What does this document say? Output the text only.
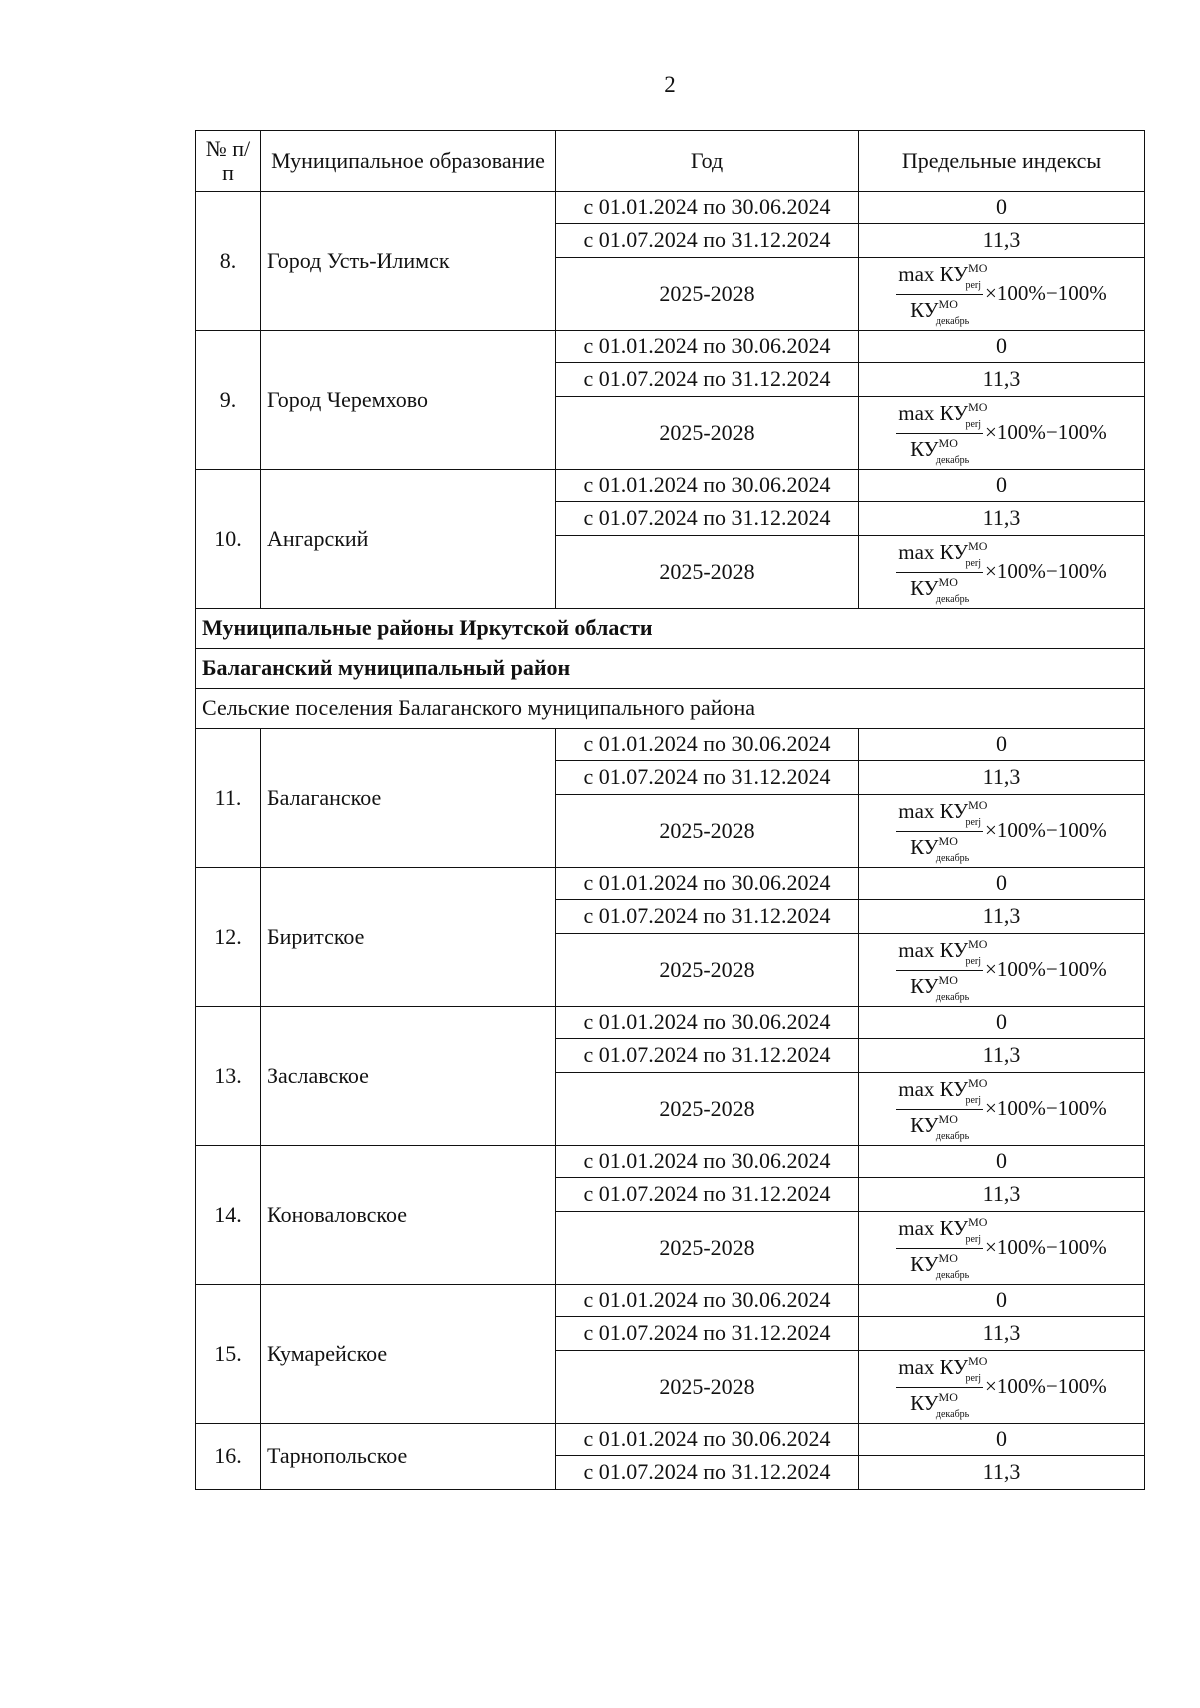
2
№ п/п	Муниципальное образование	Год	Предельные индексы
8.	Город Усть-Илимск	с 01.01.2024 по 30.06.2024	0
		с 01.07.2024 по 31.12.2024	11,3
		2025-2028	$\frac{\max КУ^{МО}_{perj}}{КУ^{МО}_{декабрь}} \times 100\%-100\%$

9.	Город Черемхово	с 01.01.2024 по 30.06.2024	0
		с 01.07.2024 по 31.12.2024	11,3
		2025-2028	$\frac{\max КУ^{МО}_{perj}}{КУ^{МО}_{декабрь}} \times 100\%-100\%$

10.	Ангарский	с 01.01.2024 по 30.06.2024	0
		с 01.07.2024 по 31.12.2024	11,3
		2025-2028	$\frac{\max КУ^{МО}_{perj}}{КУ^{МО}_{декабрь}} \times 100\%-100\%$

Муниципальные районы Иркутской области			
Балаганский муниципальный район			
Сельские поселения Балаганского муниципального района			
11.	Балаганское	с 01.01.2024 по 30.06.2024	0
		с 01.07.2024 по 31.12.2024	11,3
		2025-2028	$\frac{\max КУ^{МО}_{perj}}{КУ^{МО}_{декабрь}} \times 100\%-100\%$

12.	Биритское	с 01.01.2024 по 30.06.2024	0
		с 01.07.2024 по 31.12.2024	11,3
		2025-2028	$\frac{\max КУ^{МО}_{perj}}{КУ^{МО}_{декабрь}} \times 100\%-100\%$

13.	Заславское	с 01.01.2024 по 30.06.2024	0
		с 01.07.2024 по 31.12.2024	11,3
		2025-2028	$\frac{\max КУ^{МО}_{perj}}{КУ^{МО}_{декабрь}} \times 100\%-100\%$

14.	Коноваловское	с 01.01.2024 по 30.06.2024	0
		с 01.07.2024 по 31.12.2024	11,3
		2025-2028	$\frac{\max КУ^{МО}_{perj}}{КУ^{МО}_{декабрь}} \times 100\%-100\%$

15.	Кумарейское	с 01.01.2024 по 30.06.2024	0
		с 01.07.2024 по 31.12.2024	11,3
		2025-2028	$\frac{\max КУ^{МО}_{perj}}{КУ^{МО}_{декабрь}} \times 100\%-100\%$

16.	Тарнопольское	с 01.01.2024 по 30.06.2024	0
		с 01.07.2024 по 31.12.2024	11,3
